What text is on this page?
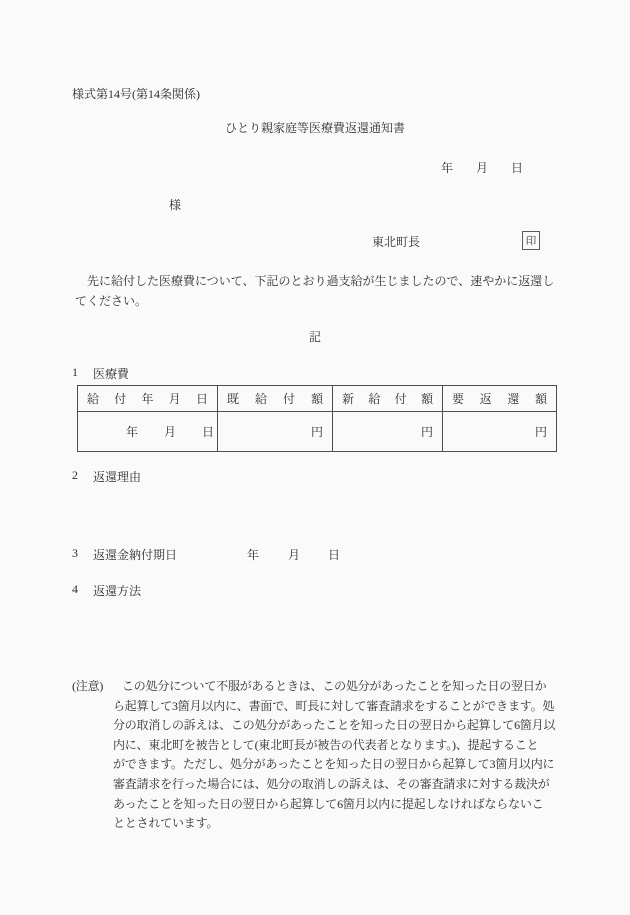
様式第14号(第14条関係)
ひとり親家庭等医療費返還通知書
年 月 日
様
東北町長	印
先に給付した医療費について、下記のとおり過支給が生じましたので、速やかに返還し
てください。
記
1 医療費
給付年月日	既給付額	新給付額	要返還額
年 月 日	円	円	円
2 返還理由
3 返還金納付期日	年 月 日
4 返還方法
(注意)	この処分について不服があるときは、この処分があったことを知った日の翌日か
ら起算して3箇月以内に、書面で、町長に対して審査請求をすることができます。処
分の取消しの訴えは、この処分があったことを知った日の翌日から起算して6箇月以
内に、東北町を被告として(東北町長が被告の代表者となります。)、提起すること
ができます。ただし、処分があったことを知った日の翌日から起算して3箇月以内に
審査請求を行った場合には、処分の取消しの訴えは、その審査請求に対する裁決が
あったことを知った日の翌日から起算して6箇月以内に提起しなければならないこ
ととされています。
